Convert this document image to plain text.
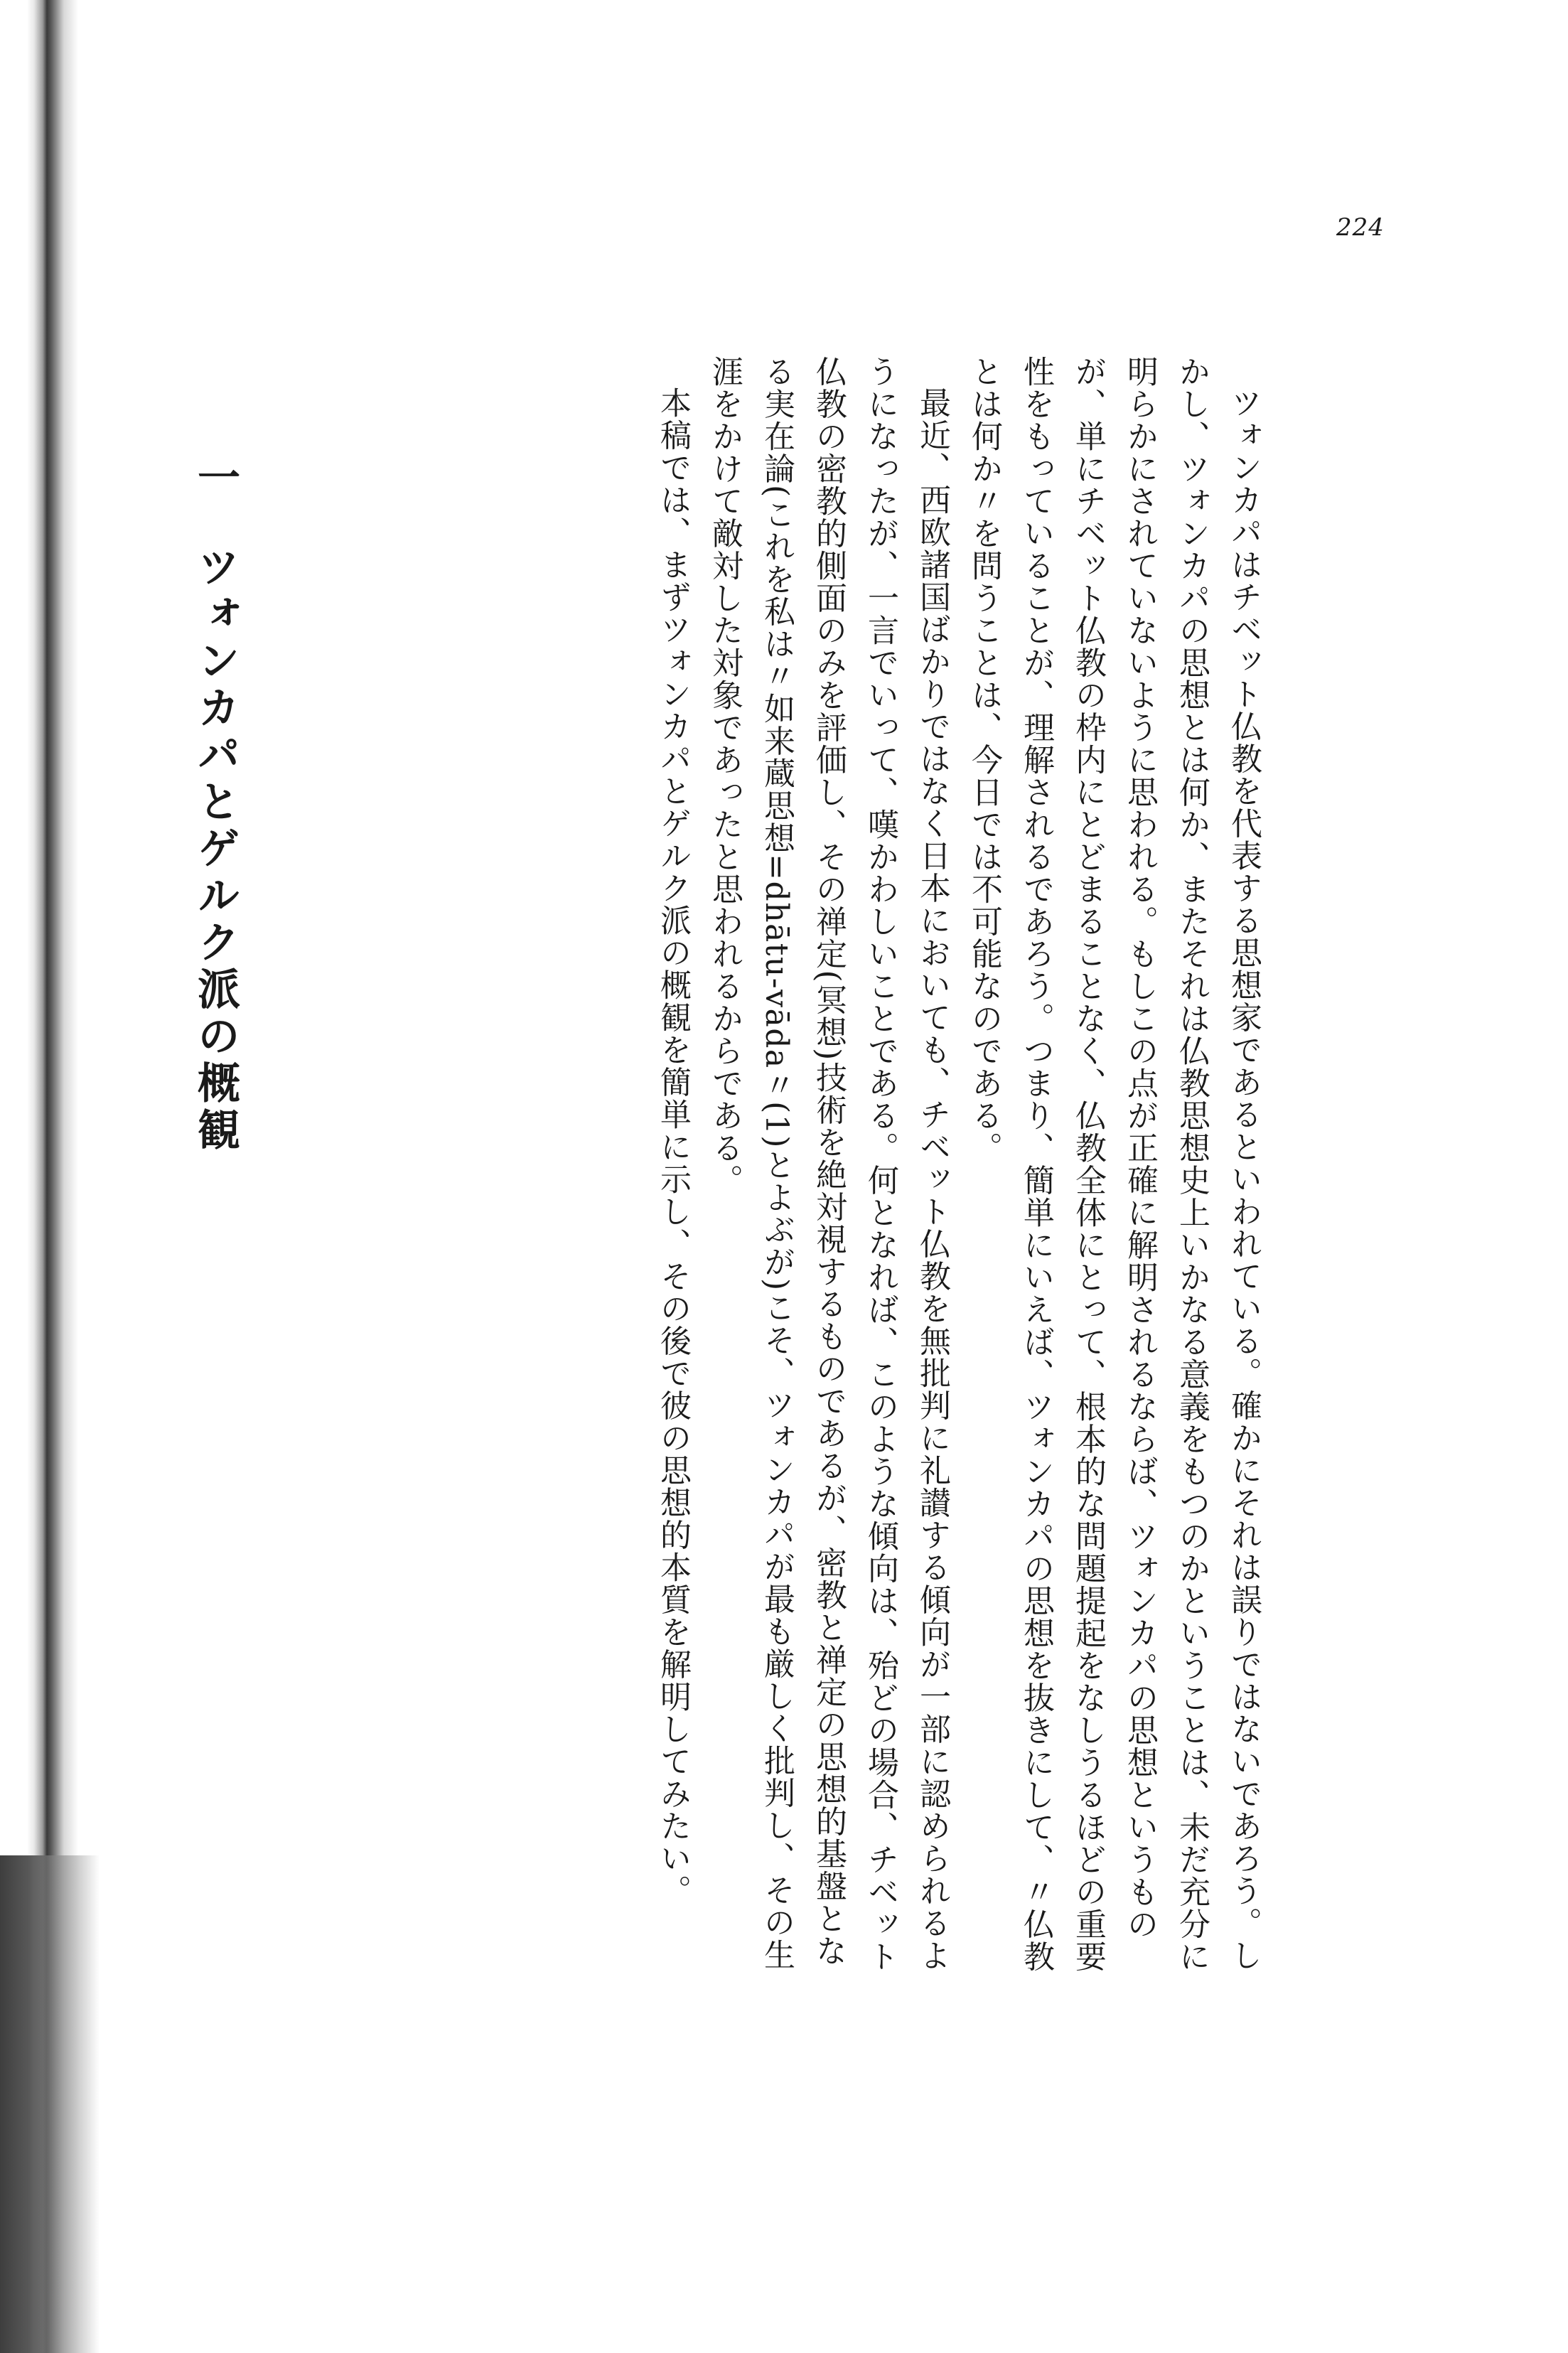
224

ツォンカパはチベット仏教を代表する思想家であるといわれている。確かにそれは誤りではないであろう。しかし、ツォンカパの思想とは何か、またそれは仏教思想史上いかなる意義をもつのかということは、未だ充分に明らかにされていないように思われる。もしこの点が正確に解明されるならば、ツォンカパの思想というものが、単にチベット仏教の枠内にとどまることなく、仏教全体にとって、根本的な問題提起をなしうるほどの重要性をもっていることが、理解されるであろう。つまり、簡単にいえば、ツォンカパの思想を抜きにして、〃仏教とは何か〃を問うことは、今日では不可能なのである。

最近、西欧諸国ばかりではなく日本においても、チベット仏教を無批判に礼讃する傾向が一部に認められるようになったが、一言でいって、嘆かわしいことである。何となれば、このような傾向は、殆どの場合、チベット仏教の密教的側面のみを評価し、その禅定(冥想)技術を絶対視するものであるが、密教と禅定の思想的基盤となる実在論(これを私は〃如来蔵思想=dhātu-vāda〃(1)とよぶが)こそ、ツォンカパが最も厳しく批判し、その生涯をかけて敵対した対象であったと思われるからである。

本稿では、まずツォンカパとゲルク派の概観を簡単に示し、その後で彼の思想的本質を解明してみたい。

一ツォンカパとゲルク派の概観
